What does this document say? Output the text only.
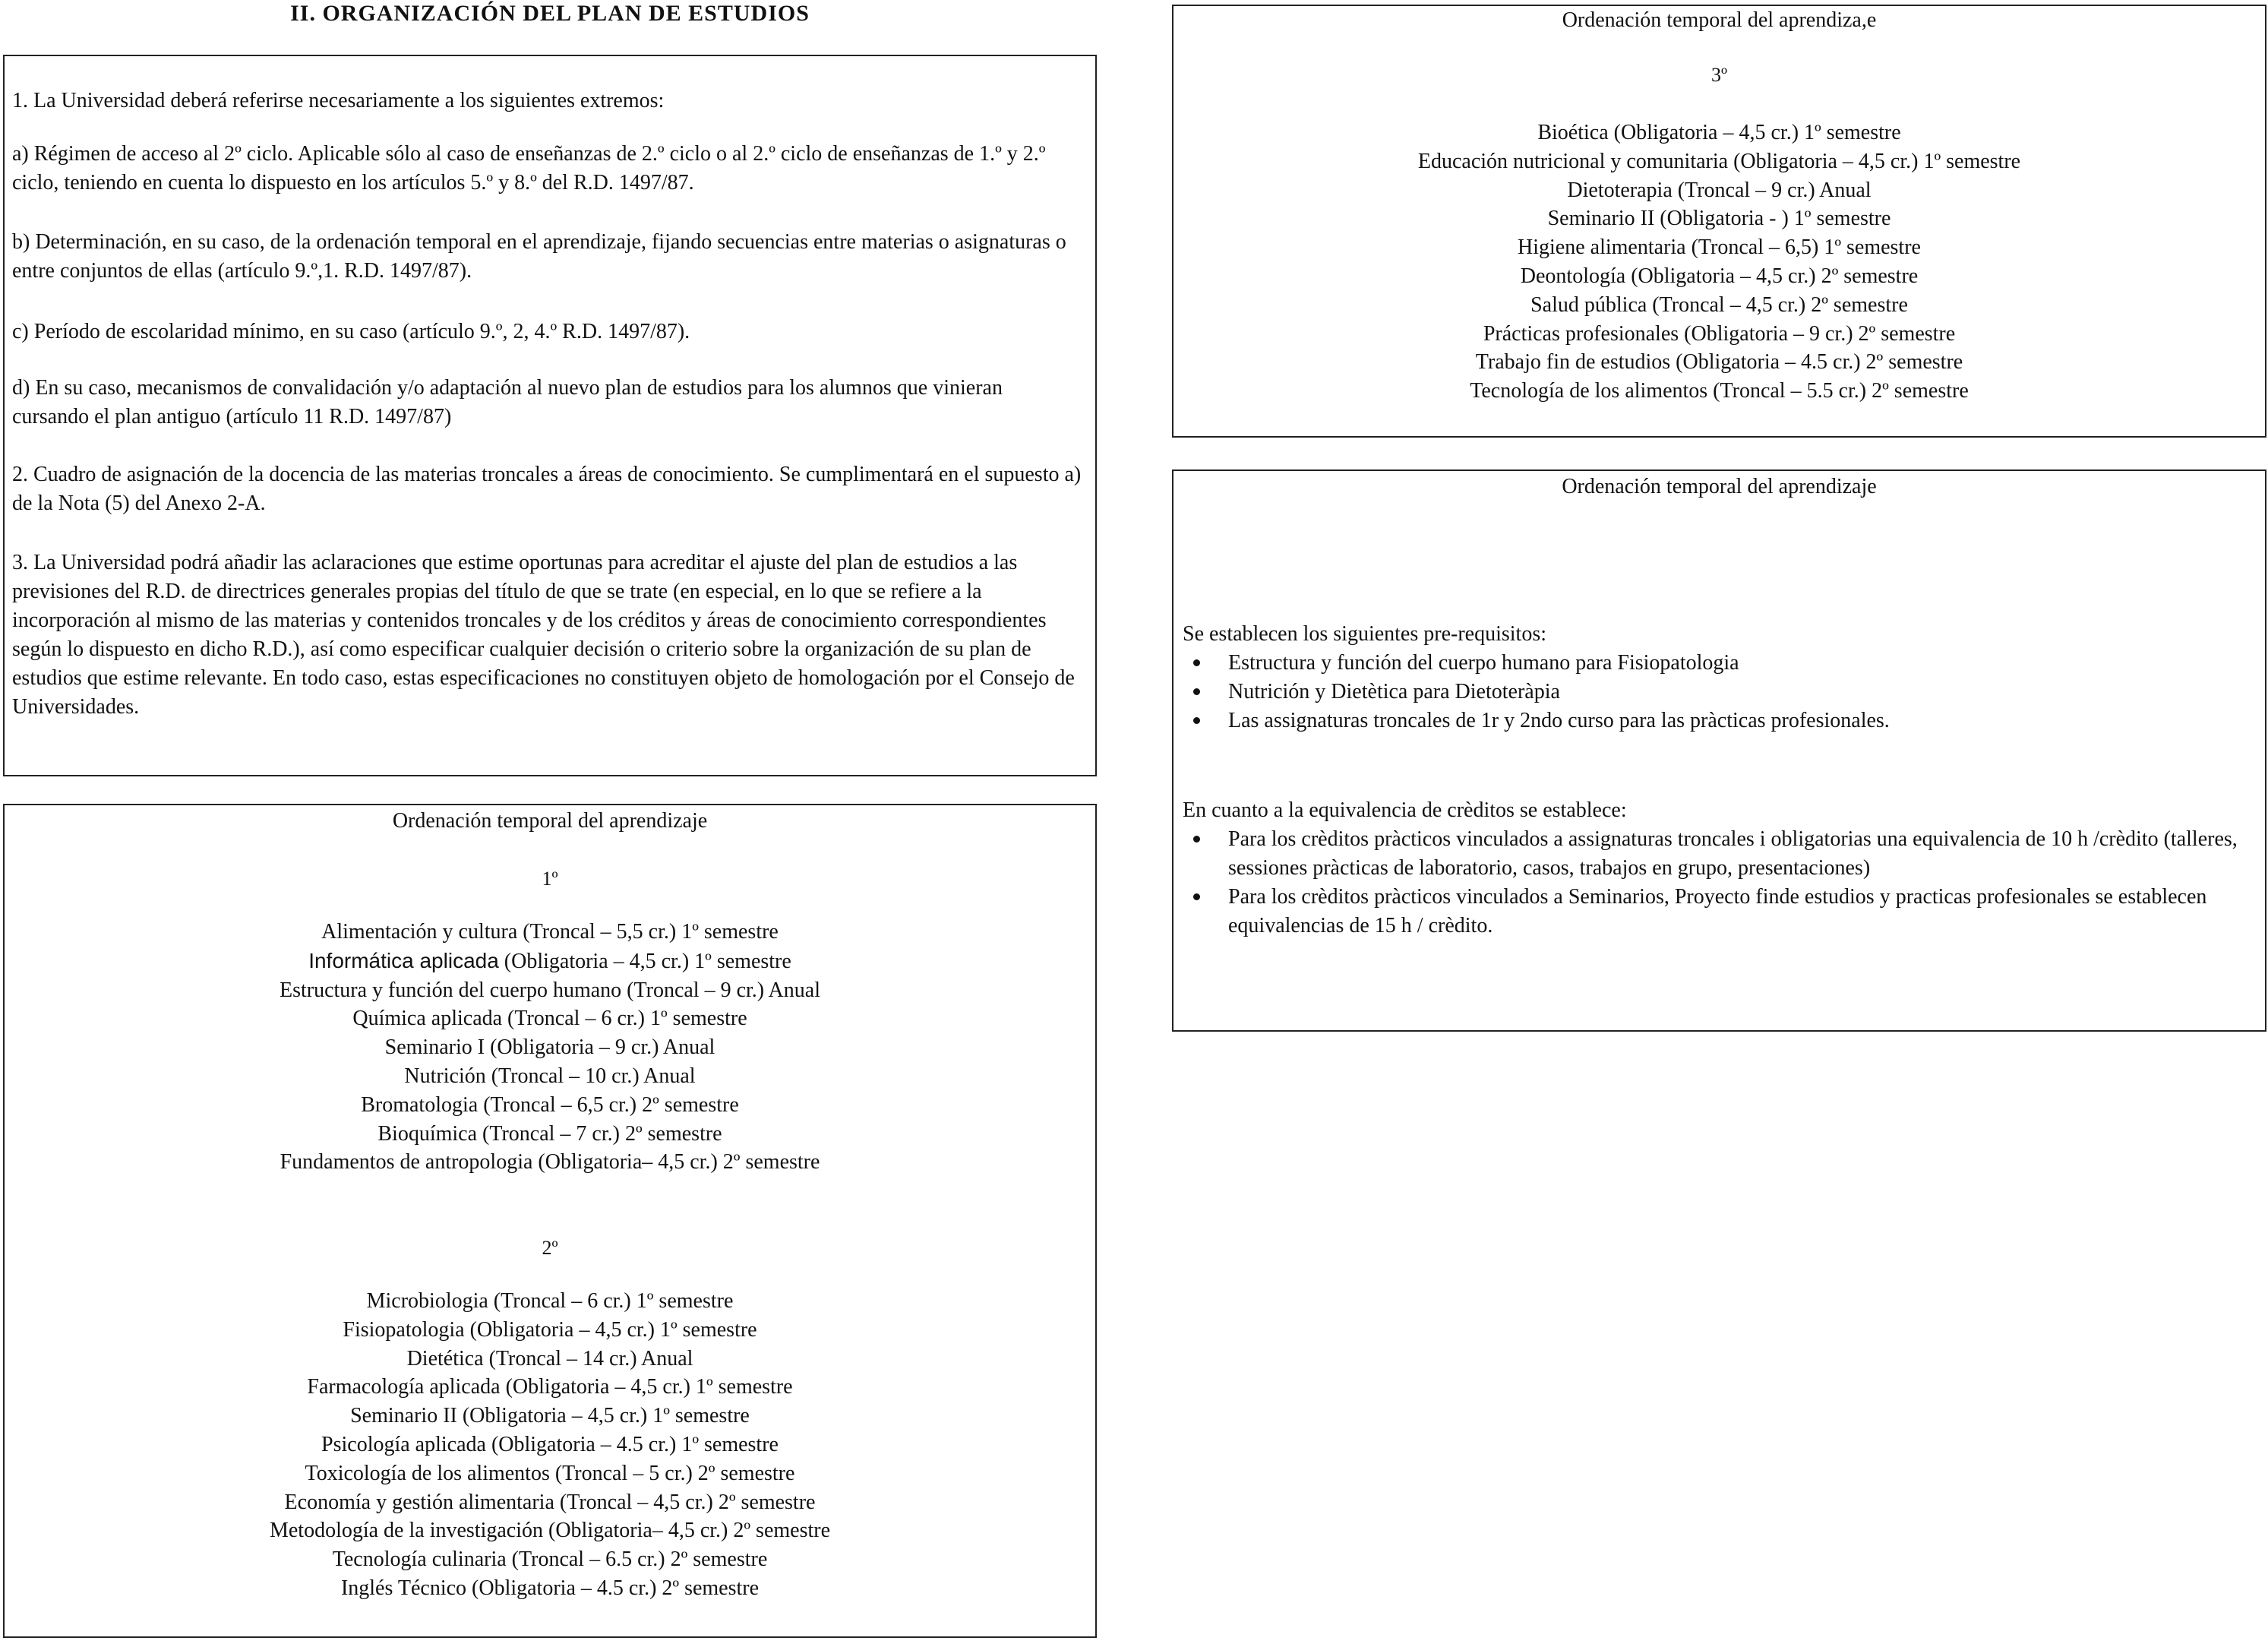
II. ORGANIZACIÓN DEL PLAN DE ESTUDIOS

1. La Universidad deberá referirse necesariamente a los siguientes extremos:

a) Régimen de acceso al 2º ciclo. Aplicable sólo al caso de enseñanzas de 2.º ciclo o al 2.º ciclo de enseñanzas de 1.º y 2.º ciclo, teniendo en cuenta lo dispuesto en los artículos 5.º y 8.º del R.D. 1497/87.

b) Determinación, en su caso, de la ordenación temporal en el aprendizaje, fijando secuencias entre materias o asignaturas o entre conjuntos de ellas (artículo 9.º,1. R.D. 1497/87).

c) Período de escolaridad mínimo, en su caso (artículo 9.º, 2, 4.º R.D. 1497/87).

d) En su caso, mecanismos de convalidación y/o adaptación al nuevo plan de estudios para los alumnos que vinieran cursando el plan antiguo (artículo 11 R.D. 1497/87)

2. Cuadro de asignación de la docencia de las materias troncales a áreas de conocimiento. Se cumplimentará en el supuesto a) de la Nota (5) del Anexo 2-A.

3. La Universidad podrá añadir las aclaraciones que estime oportunas para acreditar el ajuste del plan de estudios a las previsiones del R.D. de directrices generales propias del título de que se trate (en especial, en lo que se refiere a la incorporación al mismo de las materias y contenidos troncales y de los créditos y áreas de conocimiento correspondientes según lo dispuesto en dicho R.D.), así como especificar cualquier decisión o criterio sobre la organización de su plan de estudios que estime relevante. En todo caso, estas especificaciones no constituyen objeto de homologación por el Consejo de Universidades.

Ordenación temporal del aprendizaje
1º
Alimentación y cultura (Troncal – 5,5 cr.) 1º semestre
Informática aplicada (Obligatoria – 4,5 cr.) 1º semestre
Estructura y función del cuerpo humano (Troncal – 9 cr.) Anual
Química aplicada (Troncal – 6 cr.) 1º semestre
Seminario I (Obligatoria – 9 cr.) Anual
Nutrición (Troncal – 10 cr.) Anual
Bromatologia (Troncal – 6,5 cr.) 2º semestre
Bioquímica (Troncal – 7 cr.) 2º semestre
Fundamentos de antropologia (Obligatoria– 4,5 cr.) 2º semestre
2º
Microbiologia (Troncal – 6 cr.) 1º semestre
Fisiopatologia (Obligatoria – 4,5 cr.) 1º semestre
Dietética (Troncal – 14 cr.) Anual
Farmacología aplicada (Obligatoria – 4,5 cr.) 1º semestre
Seminario II (Obligatoria – 4,5 cr.) 1º semestre
Psicología aplicada (Obligatoria – 4.5 cr.) 1º semestre
Toxicología de los alimentos (Troncal – 5 cr.) 2º semestre
Economía y gestión alimentaria (Troncal – 4,5 cr.) 2º semestre
Metodología de la investigación (Obligatoria– 4,5 cr.) 2º semestre
Tecnología culinaria (Troncal – 6.5 cr.) 2º semestre
Inglés Técnico (Obligatoria – 4.5 cr.) 2º semestre
Ordenación temporal del aprendiza,e
3º
Bioética (Obligatoria – 4,5 cr.) 1º semestre
Educación nutricional y comunitaria (Obligatoria – 4,5 cr.) 1º semestre
Dietoterapia (Troncal – 9 cr.) Anual
Seminario II (Obligatoria - ) 1º semestre
Higiene alimentaria (Troncal – 6,5) 1º semestre
Deontología (Obligatoria – 4,5 cr.) 2º semestre
Salud pública (Troncal – 4,5 cr.) 2º semestre
Prácticas profesionales (Obligatoria – 9 cr.) 2º semestre
Trabajo fin de estudios (Obligatoria – 4.5 cr.) 2º semestre
Tecnología de los alimentos (Troncal – 5.5 cr.) 2º semestre
Ordenación temporal del aprendizaje
Se establecen los siguientes pre-requisitos:
Estructura y función del cuerpo humano para Fisiopatologia
Nutrición y Dietètica para Dietoteràpia
Las assignaturas troncales de 1r y 2ndo curso para las pràcticas profesionales.
En cuanto a la equivalencia de crèditos se establece:
Para los crèditos pràcticos vinculados a assignaturas troncales i obligatorias una equivalencia de 10 h /crèdito (talleres, sessiones pràcticas de laboratorio, casos, trabajos en grupo, presentaciones)
Para los crèditos pràcticos vinculados a Seminarios, Proyecto finde estudios y practicas profesionales se establecen equivalencias de 15 h / crèdito.
